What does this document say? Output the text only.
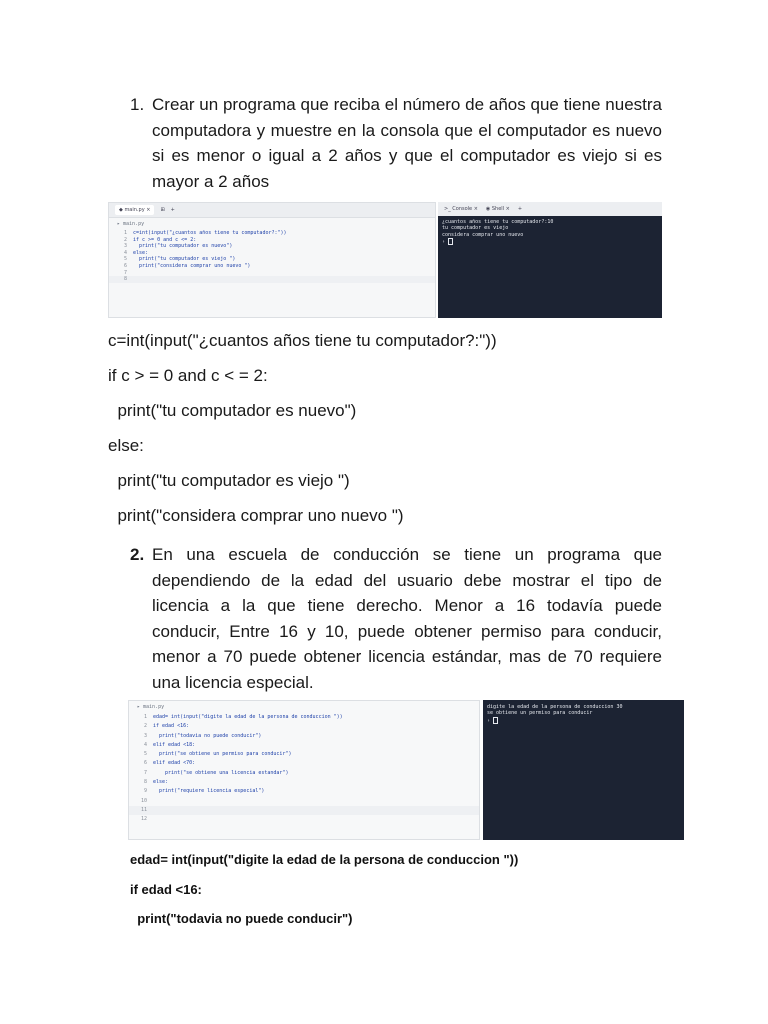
1. Crear un programa que reciba el número de años que tiene nuestra computadora y muestre en la consola que el computador es nuevo si es menor o igual a 2 años y que el computador es viejo si es mayor a 2 años
◆ main.py ×	⊞ +
▸ main.py
1	c=int(input("¿cuantos años tiene tu computador?:"))
2	if c >= 0 and c <= 2:
3	print("tu computador es nuevo")
4	else:
5	print("tu computador es viejo ")
6	print("considera comprar uno nuevo ")
7
8
>_ Console × ◉ Shell × +
¿cuantos años tiene tu computador?:10
tu computador es viejo
considera comprar uno nuevo
›
c=int(input("¿cuantos años tiene tu computador?:"))
if c > = 0 and c < = 2:
print("tu computador es nuevo")
else:
print("tu computador es viejo ")
print("considera comprar uno nuevo ")
2. En una escuela de conducción se tiene un programa que dependiendo de la edad del usuario debe mostrar el tipo de licencia a la que tiene derecho. Menor a 16 todavía puede conducir, Entre 16 y 10, puede obtener permiso para conducir, menor a 70 puede obtener licencia estándar, mas de 70 requiere una licencia especial.
▸ main.py
1	edad= int(input("digite la edad de la persona de conduccion "))
2	if edad <16:
3	print("todavia no puede conducir")
4	elif edad <18:
5	print("se obtiene un permiso para conducir")
6	elif edad <70:
7	print("se obtiene una licencia estandar")
8	else:
9	print("requiere licencia especial")
10
11
12
digite la edad de la persona de conduccion 30
se obtiene un permiso para conducir
›
edad= int(input("digite la edad de la persona de conduccion "))
if edad <16:
print("todavia no puede conducir")
